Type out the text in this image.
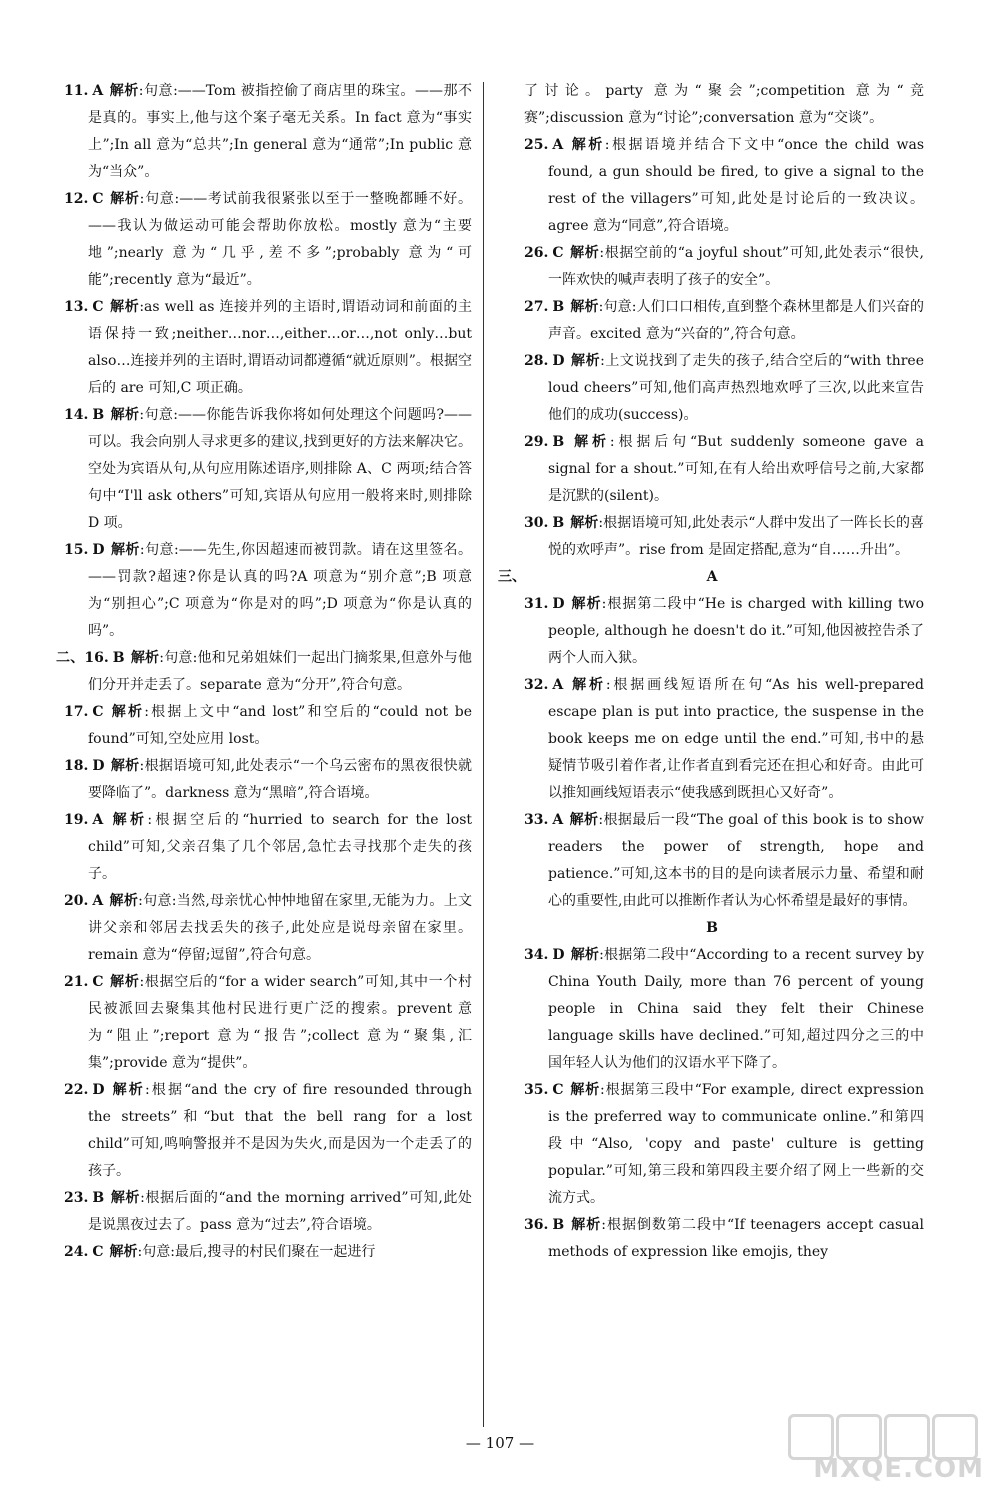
11. A 解析:句意:——Tom 被指控偷了商店里的珠宝。——那不是真的。事实上,他与这个案子毫无关系。In fact 意为“事实上”;In all 意为“总共”;In general 意为“通常”;In public 意为“当众”。

12. C 解析:句意:——考试前我很紧张以至于一整晚都睡不好。——我认为做运动可能会帮助你放松。mostly 意为“主要地”;nearly 意为“几乎,差不多”;probably 意为“可能”;recently 意为“最近”。

13. C 解析:as well as 连接并列的主语时,谓语动词和前面的主语保持一致;neither…nor…,either…or…,not only…but also…连接并列的主语时,谓语动词都遵循“就近原则”。根据空后的 are 可知,C 项正确。

14. B 解析:句意:——你能告诉我你将如何处理这个问题吗?——可以。我会向别人寻求更多的建议,找到更好的方法来解决它。空处为宾语从句,从句应用陈述语序,则排除 A、C 两项;结合答句中“I'll ask others”可知,宾语从句应用一般将来时,则排除 D 项。

15. D 解析:句意:——先生,你因超速而被罚款。请在这里签名。——罚款?超速?你是认真的吗?A 项意为“别介意”;B 项意为“别担心”;C 项意为“你是对的吗”;D 项意为“你是认真的吗”。

二、16. B 解析:句意:他和兄弟姐妹们一起出门摘浆果,但意外与他们分开并走丢了。separate 意为“分开”,符合句意。

17. C 解析:根据上文中“and lost”和空后的“could not be found”可知,空处应用 lost。

18. D 解析:根据语境可知,此处表示“一个乌云密布的黑夜很快就要降临了”。darkness 意为“黑暗”,符合语境。

19. A 解析:根据空后的“hurried to search for the lost child”可知,父亲召集了几个邻居,急忙去寻找那个走失的孩子。

20. A 解析:句意:当然,母亲忧心忡忡地留在家里,无能为力。上文讲父亲和邻居去找丢失的孩子,此处应是说母亲留在家里。remain 意为“停留;逗留”,符合句意。

21. C 解析:根据空后的“for a wider search”可知,其中一个村民被派回去聚集其他村民进行更广泛的搜索。prevent 意为“阻止”;report 意为“报告”;collect 意为“聚集,汇集”;provide 意为“提供”。

22. D 解析:根据“and the cry of fire resounded through the streets”和“but that the bell rang for a lost child”可知,鸣响警报并不是因为失火,而是因为一个走丢了的孩子。

23. B 解析:根据后面的“and the morning arrived”可知,此处是说黑夜过去了。pass 意为“过去”,符合语境。

24. C 解析:句意:最后,搜寻的村民们聚在一起进行

了讨论。party 意为“聚会”;competition 意为“竞赛”;discussion 意为“讨论”;conversation 意为“交谈”。

25. A 解析:根据语境并结合下文中“once the child was found, a gun should be fired, to give a signal to the rest of the villagers”可知,此处是讨论后的一致决议。agree 意为“同意”,符合语境。

26. C 解析:根据空前的“a joyful shout”可知,此处表示“很快,一阵欢快的喊声表明了孩子的安全”。

27. B 解析:句意:人们口口相传,直到整个森林里都是人们兴奋的声音。excited 意为“兴奋的”,符合句意。

28. D 解析:上文说找到了走失的孩子,结合空后的“with three loud cheers”可知,他们高声热烈地欢呼了三次,以此来宣告他们的成功(success)。

29. B 解析:根据后句“But suddenly someone gave a signal for a shout.”可知,在有人给出欢呼信号之前,大家都是沉默的(silent)。

30. B 解析:根据语境可知,此处表示“人群中发出了一阵长长的喜悦的欢呼声”。rise from 是固定搭配,意为“自……升出”。

三、	A

31. D 解析:根据第二段中“He is charged with killing two people, although he doesn't do it.”可知,他因被控告杀了两个人而入狱。

32. A 解析:根据画线短语所在句“As his well-prepared escape plan is put into practice, the suspense in the book keeps me on edge until the end.”可知,书中的悬疑情节吸引着作者,让作者直到看完还在担心和好奇。由此可以推知画线短语表示“使我感到既担心又好奇”。

33. A 解析:根据最后一段“The goal of this book is to show readers the power of strength, hope and patience.”可知,这本书的目的是向读者展示力量、希望和耐心的重要性,由此可以推断作者认为心怀希望是最好的事情。

B

34. D 解析:根据第二段中“According to a recent survey by China Youth Daily, more than 76 percent of young people in China said they felt their Chinese language skills have declined.”可知,超过四分之三的中国年轻人认为他们的汉语水平下降了。

35. C 解析:根据第三段中“For example, direct expression is the preferred way to communicate online.”和第四段中“Also, 'copy and paste' culture is getting popular.”可知,第三段和第四段主要介绍了网上一些新的交流方式。

36. B 解析:根据倒数第二段中“If teenagers accept casual methods of expression like emojis, they

— 107 —
MXQE.COM
